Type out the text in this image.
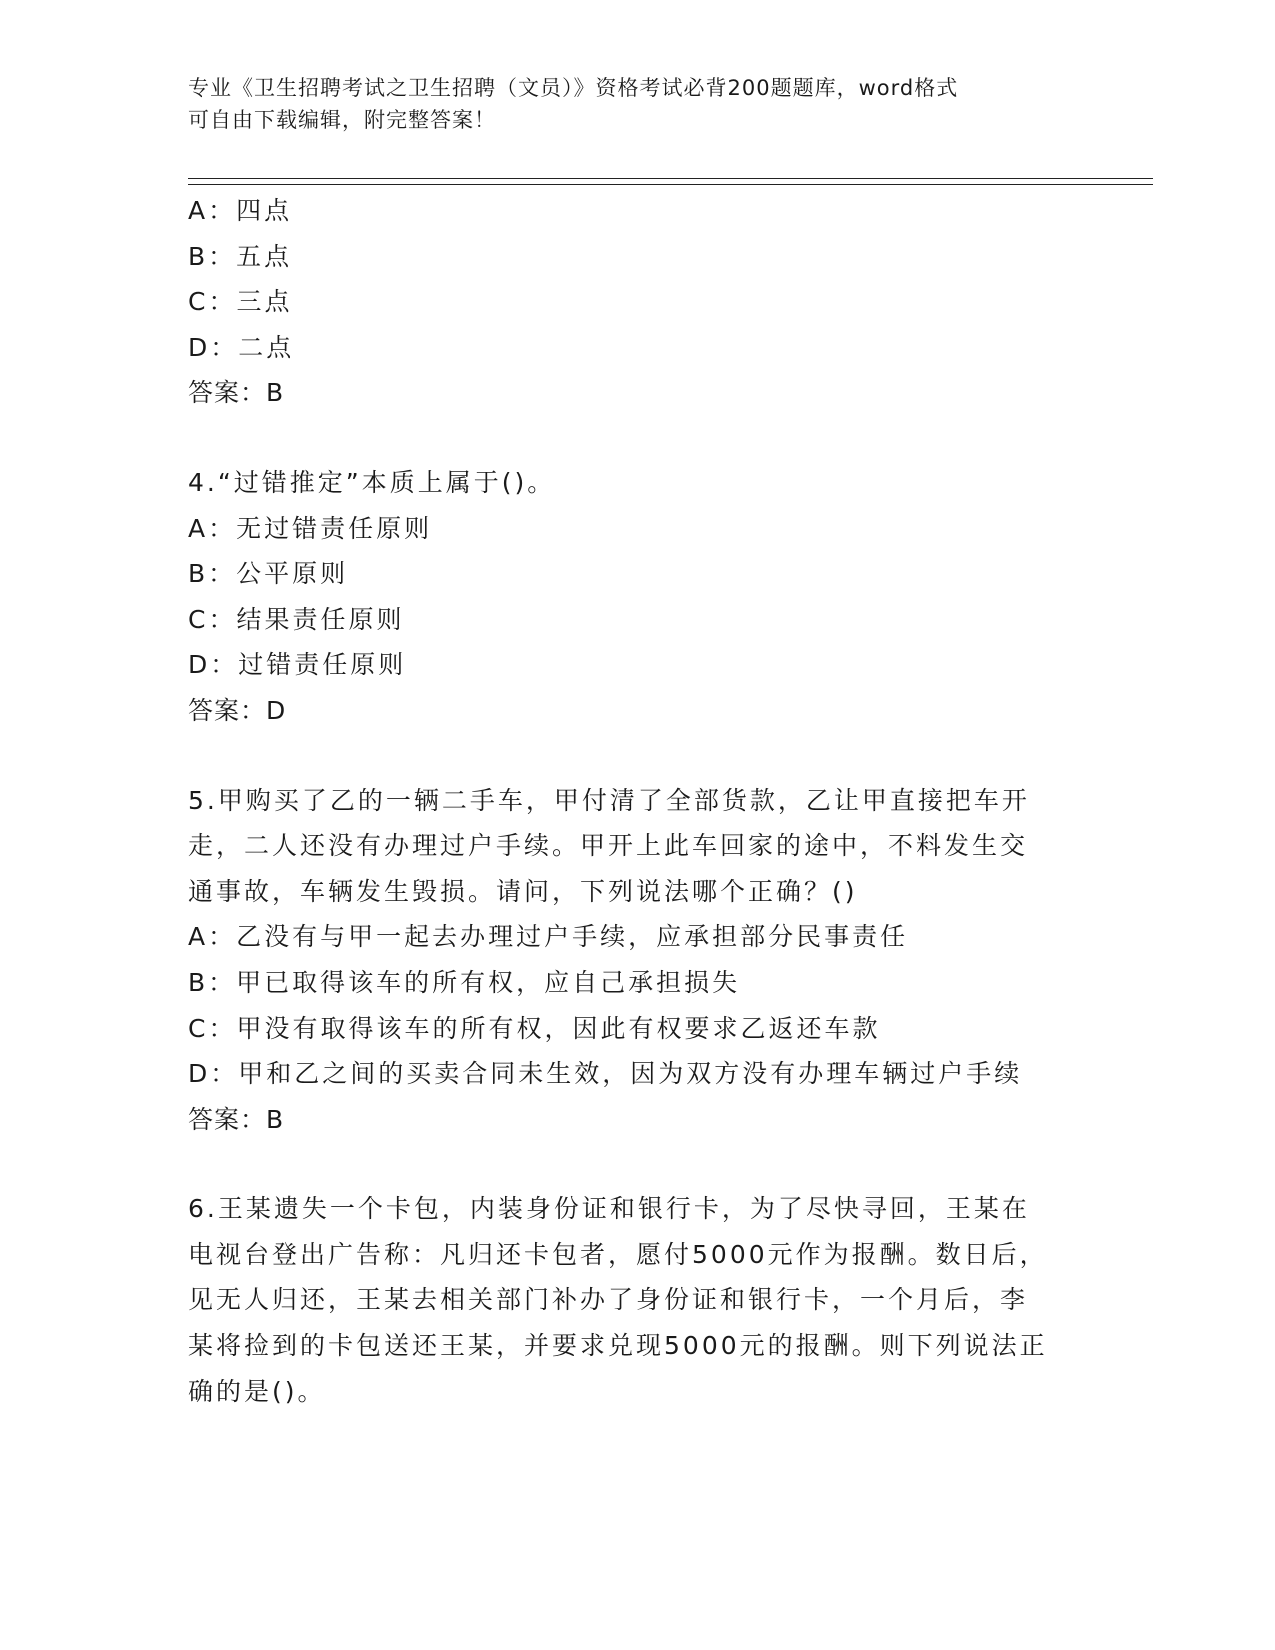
专业《卫生招聘考试之卫生招聘（文员）》资格考试必背200题题库，word格式
可自由下载编辑，附完整答案！
A：四点
B：五点
C：三点
D：二点
答案：B
4.“过错推定”本质上属于()。
A：无过错责任原则
B：公平原则
C：结果责任原则
D：过错责任原则
答案：D
5.甲购买了乙的一辆二手车，甲付清了全部货款，乙让甲直接把车开
走，二人还没有办理过户手续。甲开上此车回家的途中，不料发生交
通事故，车辆发生毁损。请问，下列说法哪个正确？()
A：乙没有与甲一起去办理过户手续，应承担部分民事责任
B：甲已取得该车的所有权，应自己承担损失
C：甲没有取得该车的所有权，因此有权要求乙返还车款
D：甲和乙之间的买卖合同未生效，因为双方没有办理车辆过户手续
答案：B
6.王某遗失一个卡包，内装身份证和银行卡，为了尽快寻回，王某在
电视台登出广告称：凡归还卡包者，愿付5000元作为报酬。数日后，
见无人归还，王某去相关部门补办了身份证和银行卡，一个月后，李
某将捡到的卡包送还王某，并要求兑现5000元的报酬。则下列说法正
确的是()。
